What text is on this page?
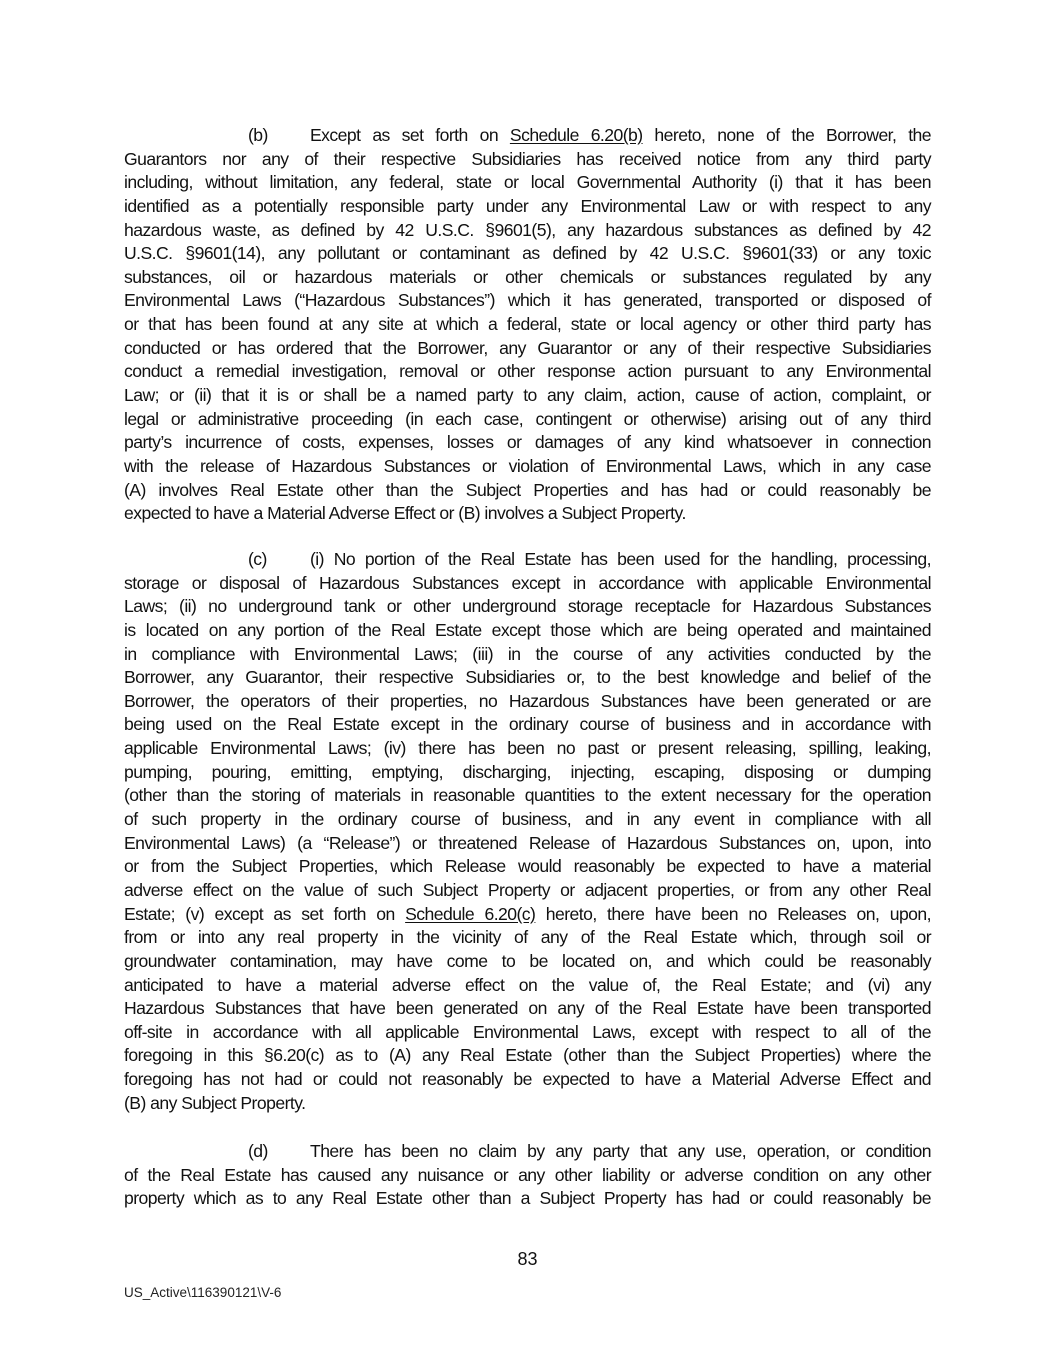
(b) Except as set forth on Schedule 6.20(b) hereto, none of the Borrower, the
Guarantors nor any of their respective Subsidiaries has received notice from any third party
including, without limitation, any federal, state or local Governmental Authority (i) that it has been
identified as a potentially responsible party under any Environmental Law or with respect to any
hazardous waste, as defined by 42 U.S.C. §9601(5), any hazardous substances as defined by 42
U.S.C. §9601(14), any pollutant or contaminant as defined by 42 U.S.C. §9601(33) or any toxic
substances, oil or hazardous materials or other chemicals or substances regulated by any
Environmental Laws (“Hazardous Substances”) which it has generated, transported or disposed of
or that has been found at any site at which a federal, state or local agency or other third party has
conducted or has ordered that the Borrower, any Guarantor or any of their respective Subsidiaries
conduct a remedial investigation, removal or other response action pursuant to any Environmental
Law; or (ii) that it is or shall be a named party to any claim, action, cause of action, complaint, or
legal or administrative proceeding (in each case, contingent or otherwise) arising out of any third
party’s incurrence of costs, expenses, losses or damages of any kind whatsoever in connection
with the release of Hazardous Substances or violation of Environmental Laws, which in any case
(A) involves Real Estate other than the Subject Properties and has had or could reasonably be
expected to have a Material Adverse Effect or (B) involves a Subject Property.
(c) (i) No portion of the Real Estate has been used for the handling, processing,
storage or disposal of Hazardous Substances except in accordance with applicable Environmental
Laws; (ii) no underground tank or other underground storage receptacle for Hazardous Substances
is located on any portion of the Real Estate except those which are being operated and maintained
in compliance with Environmental Laws; (iii) in the course of any activities conducted by the
Borrower, any Guarantor, their respective Subsidiaries or, to the best knowledge and belief of the
Borrower, the operators of their properties, no Hazardous Substances have been generated or are
being used on the Real Estate except in the ordinary course of business and in accordance with
applicable Environmental Laws; (iv) there has been no past or present releasing, spilling, leaking,
pumping, pouring, emitting, emptying, discharging, injecting, escaping, disposing or dumping
(other than the storing of materials in reasonable quantities to the extent necessary for the operation
of such property in the ordinary course of business, and in any event in compliance with all
Environmental Laws) (a “Release”) or threatened Release of Hazardous Substances on, upon, into
or from the Subject Properties, which Release would reasonably be expected to have a material
adverse effect on the value of such Subject Property or adjacent properties, or from any other Real
Estate; (v) except as set forth on Schedule 6.20(c) hereto, there have been no Releases on, upon,
from or into any real property in the vicinity of any of the Real Estate which, through soil or
groundwater contamination, may have come to be located on, and which could be reasonably
anticipated to have a material adverse effect on the value of, the Real Estate; and (vi) any
Hazardous Substances that have been generated on any of the Real Estate have been transported
off-site in accordance with all applicable Environmental Laws, except with respect to all of the
foregoing in this §6.20(c) as to (A) any Real Estate (other than the Subject Properties) where the
foregoing has not had or could not reasonably be expected to have a Material Adverse Effect and
(B) any Subject Property.
(d) There has been no claim by any party that any use, operation, or condition
of the Real Estate has caused any nuisance or any other liability or adverse condition on any other
property which as to any Real Estate other than a Subject Property has had or could reasonably be
83
US_Active\116390121\V-6
